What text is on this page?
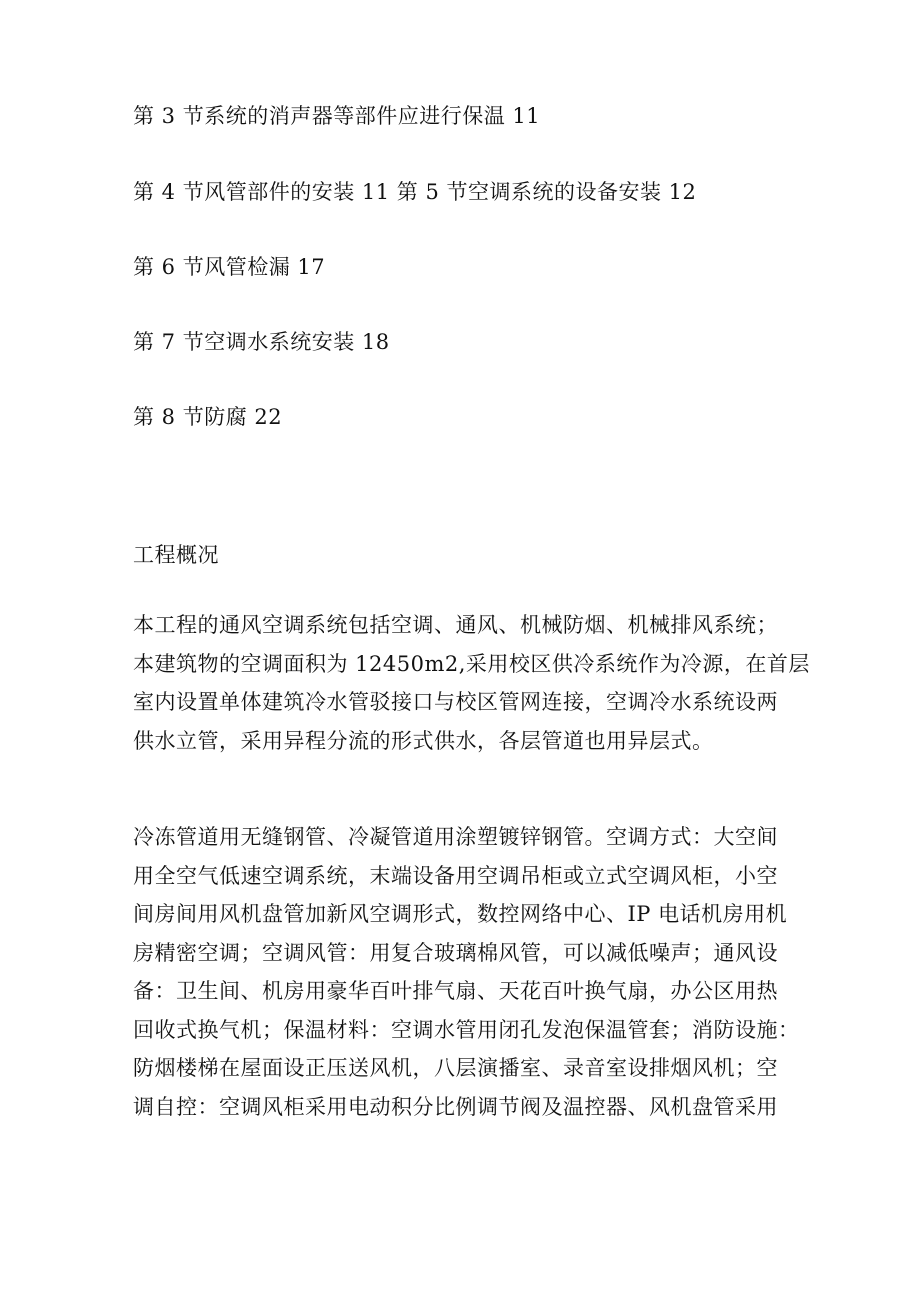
第 3 节系统的消声器等部件应进行保温 11
第 4 节风管部件的安装 11 第 5 节空调系统的设备安装 12
第 6 节风管检漏 17
第 7 节空调水系统安装 18
第 8 节防腐 22
工程概况
本工程的通风空调系统包括空调、通风、机械防烟、机械排风系统；
本建筑物的空调面积为 12450m2,采用校区供冷系统作为冷源，在首层
室内设置单体建筑冷水管驳接口与校区管网连接，空调冷水系统设两
供水立管，采用异程分流的形式供水，各层管道也用异层式。
冷冻管道用无缝钢管、冷凝管道用涂塑镀锌钢管。空调方式：大空间
用全空气低速空调系统，末端设备用空调吊柜或立式空调风柜，小空
间房间用风机盘管加新风空调形式，数控网络中心、IP 电话机房用机
房精密空调；空调风管：用复合玻璃棉风管，可以减低噪声；通风设
备：卫生间、机房用豪华百叶排气扇、天花百叶换气扇，办公区用热
回收式换气机；保温材料：空调水管用闭孔发泡保温管套；消防设施：
防烟楼梯在屋面设正压送风机，八层演播室、录音室设排烟风机；空
调自控：空调风柜采用电动积分比例调节阀及温控器、风机盘管采用
